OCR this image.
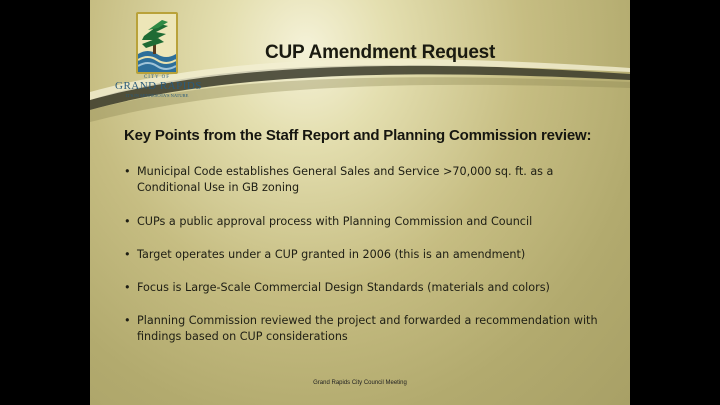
CITY OF
GRAND RAPIDS
IT'S IN MINNESOTA'S NATURE
CUP Amendment Request
Key Points from the Staff Report and Planning Commission review:
• Municipal Code establishes General Sales and Service >70,000 sq. ft. as a Conditional Use in GB zoning
• CUPs a public approval process with Planning Commission and Council
• Target operates under a CUP granted in 2006 (this is an amendment)
• Focus is Large-Scale Commercial Design Standards (materials and colors)
• Planning Commission reviewed the project and forwarded a recommendation with findings based on CUP considerations
Grand Rapids City Council Meeting
